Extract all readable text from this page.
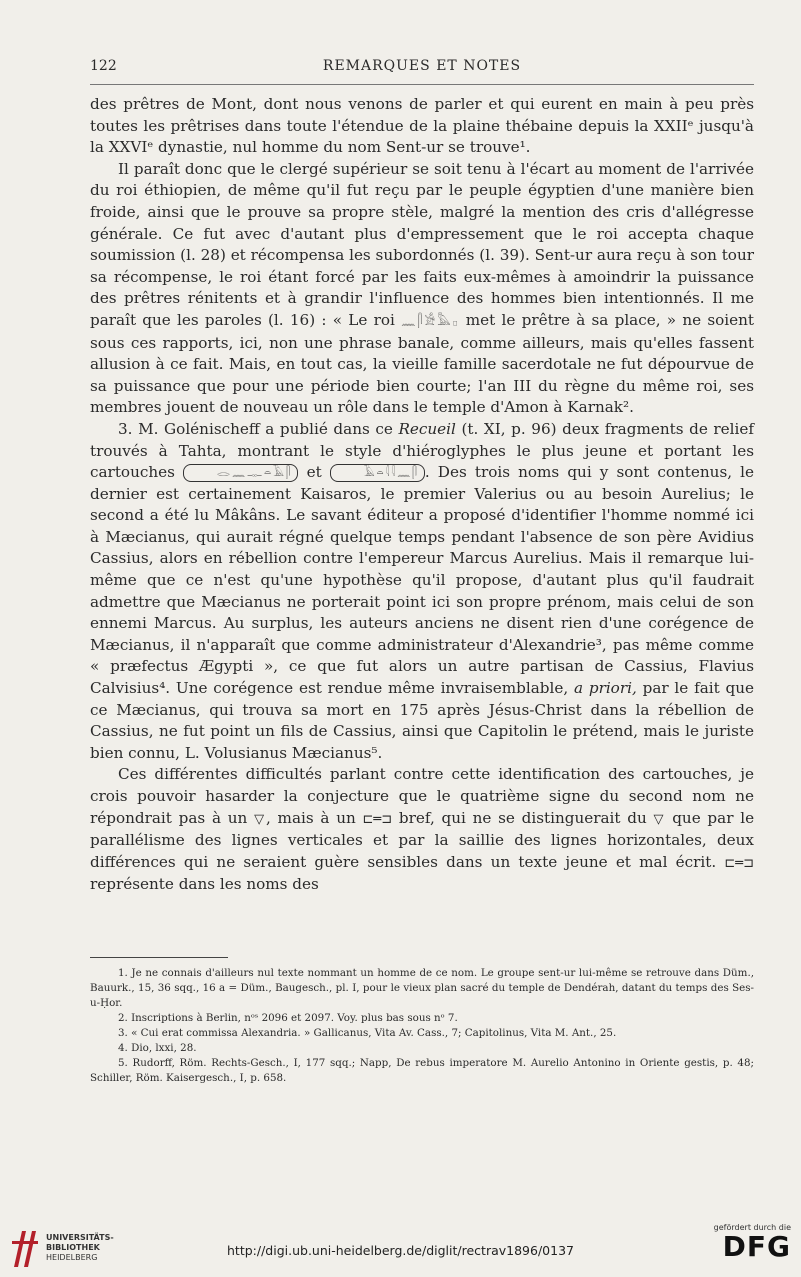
122	REMARQUES ET NOTES

des prêtres de Mont, dont nous venons de parler et qui eurent en main à peu près toutes les prêtrises dans toute l'étendue de la plaine thébaine depuis la XXIIᵉ jusqu'à la XXVIᵉ dynastie, nul homme du nom Sent-ur se trouve¹.

Il paraît donc que le clergé supérieur se soit tenu à l'écart au moment de l'arrivée du roi éthiopien, de même qu'il fut reçu par le peuple égyptien d'une manière bien froide, ainsi que le prouve sa propre stèle, malgré la mention des cris d'allégresse générale. Ce fut avec d'autant plus d'empressement que le roi accepta chaque soumission (l. 28) et récompensa les subordonnés (l. 39). Sent-ur aura reçu à son tour sa récompense, le roi étant forcé par les faits eux-mêmes à amoindrir la puissance des prêtres rénitents et à grandir l'influence des hommes bien intentionnés. Il me paraît que les paroles (l. 16) : « Le roi 𓈖𓋴𓀀𓅓𓊪 met le prêtre à sa place, » ne soient sous ces rapports, ici, non une phrase banale, comme ailleurs, mais qu'elles fassent allusion à ce fait. Mais, en tout cas, la vieille famille sacerdotale ne fut dépourvue de sa puissance que pour une période bien courte; l'an III du règne du même roi, ses membres jouent de nouveau un rôle dans le temple d'Amon à Karnak².

3. M. Golénischeff a publié dans ce Recueil (t. XI, p. 96) deux fragments de relief trouvés à Tahta, montrant le style d'hiéroglyphes le plus jeune et portant les cartouches	𓂋𓈖𓊃𓏏𓄿𓋴 et	𓄿𓏏𓇋𓇋𓈖𓋴 . Des trois noms qui y sont contenus, le dernier est certainement Kaisaros, le premier Valerius ou au besoin Aurelius; le second a été lu Mâkâns. Le savant éditeur a proposé d'identifier l'homme nommé ici à Mæcianus, qui aurait régné quelque temps pendant l'absence de son père Avidius Cassius, alors en rébellion contre l'empereur Marcus Aurelius. Mais il remarque lui-même que ce n'est qu'une hypothèse qu'il propose, d'autant plus qu'il faudrait admettre que Mæcianus ne porterait point ici son propre prénom, mais celui de son ennemi Marcus. Au surplus, les auteurs anciens ne disent rien d'une corégence de Mæcianus, il n'apparaît que comme administrateur d'Alexandrie³, pas même comme « præfectus Ægypti », ce que fut alors un autre partisan de Cassius, Flavius Calvisius⁴. Une corégence est rendue même invraisemblable, a priori, par le fait que ce Mæcianus, qui trouva sa mort en 175 après Jésus-Christ dans la rébellion de Cassius, ne fut point un fils de Cassius, ainsi que Capitolin le prétend, mais le juriste bien connu, L. Volusianus Mæcianus⁵.

Ces différentes difficultés parlant contre cette identification des cartouches, je crois pouvoir hasarder la conjecture que le quatrième signe du second nom ne répondrait pas à un ▽, mais à un ⊏═⊐ bref, qui ne se distinguerait du ▽ que par le parallélisme des lignes verticales et par la saillie des lignes horizontales, deux différences qui ne seraient guère sensibles dans un texte jeune et mal écrit. ⊏═⊐ représente dans les noms des

1. Je ne connais d'ailleurs nul texte nommant un homme de ce nom. Le groupe sent-ur lui-même se retrouve dans Düm., Bauurk., 15, 36 sqq., 16 a = Düm., Baugesch., pl. I, pour le vieux plan sacré du temple de Dendérah, datant du temps des Ses-u-Ḥor.

2. Inscriptions à Berlin, nᵒˢ 2096 et 2097. Voy. plus bas sous nᵒ 7.

3. « Cui erat commissa Alexandria. » Gallicanus, Vita Av. Cass., 7; Capitolinus, Vita M. Ant., 25.

4. Dio, lxxi, 28.

5. Rudorff, Röm. Rechts-Gesch., I, 177 sqq.; Napp, De rebus imperatore M. Aurelio Antonino in Oriente gestis, p. 48; Schiller, Röm. Kaisergesch., I, p. 658.

UNIVERSITÄTS-
BIBLIOTHEK
HEIDELBERG	http://digi.ub.uni-heidelberg.de/diglit/rectrav1896/0137
gefördert durch die
DFG
